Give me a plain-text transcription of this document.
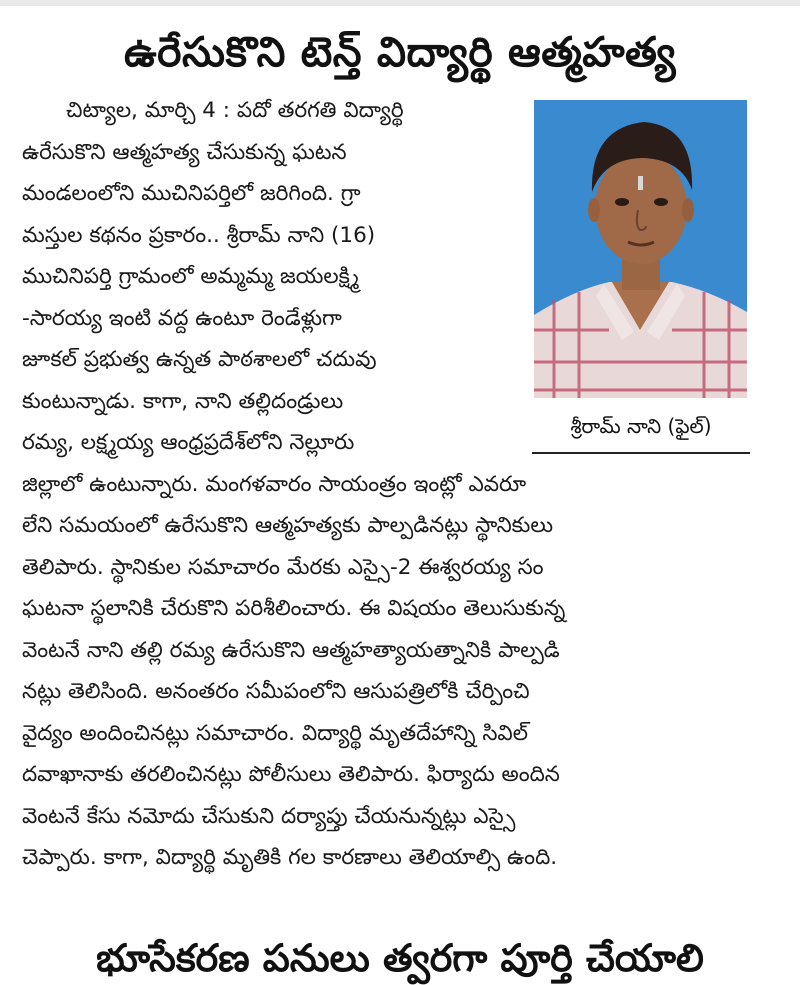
ఉరేసుకొని టెన్త్ విద్యార్థి ఆత్మహత్య
చిట్యాల, మార్చి 4 : పదో తరగతి విద్యార్థి
ఉరేసుకొని ఆత్మహత్య చేసుకున్న ఘటన
మండలంలోని ముచినిపర్తిలో జరిగింది. గ్రా
మస్తుల కథనం ప్రకారం.. శ్రీరామ్ నాని (16)
ముచినిపర్తి గ్రామంలో అమ్మమ్మ జయలక్ష్మి
-సారయ్య ఇంటి వద్ద ఉంటూ రెండేళ్లుగా
జూకల్ ప్రభుత్వ ఉన్నత పాఠశాలలో చదువు
కుంటున్నాడు. కాగా, నాని తల్లిదండ్రులు
రమ్య, లక్ష్మయ్య ఆంధ్రప్రదేశ్‌లోని నెల్లూరు
జిల్లాలో ఉంటున్నారు. మంగళవారం సాయంత్రం ఇంట్లో ఎవరూ
లేని సమయంలో ఉరేసుకొని ఆత్మహత్యకు పాల్పడినట్లు స్థానికులు
తెలిపారు. స్థానికుల సమాచారం మేరకు ఎస్సై-2 ఈశ్వరయ్య సం
ఘటనా స్థలానికి చేరుకొని పరిశీలించారు. ఈ విషయం తెలుసుకున్న
వెంటనే నాని తల్లి రమ్య ఉరేసుకొని ఆత్మహత్యాయత్నానికి పాల్పడి
నట్లు తెలిసింది. అనంతరం సమీపంలోని ఆసుపత్రిలోకి చేర్పించి
వైద్యం అందించినట్లు సమాచారం. విద్యార్థి మృతదేహాన్ని సివిల్
దవాఖానాకు తరలించినట్లు పోలీసులు తెలిపారు. ఫిర్యాదు అందిన
వెంటనే కేసు నమోదు చేసుకుని దర్యాప్తు చేయనున్నట్లు ఎస్సై
చెప్పారు. కాగా, విద్యార్థి మృతికి గల కారణాలు తెలియాల్సి ఉంది.
శ్రీరామ్ నాని (ఫైల్)
భూసేకరణ పనులు త్వరగా పూర్తి చేయాలి
